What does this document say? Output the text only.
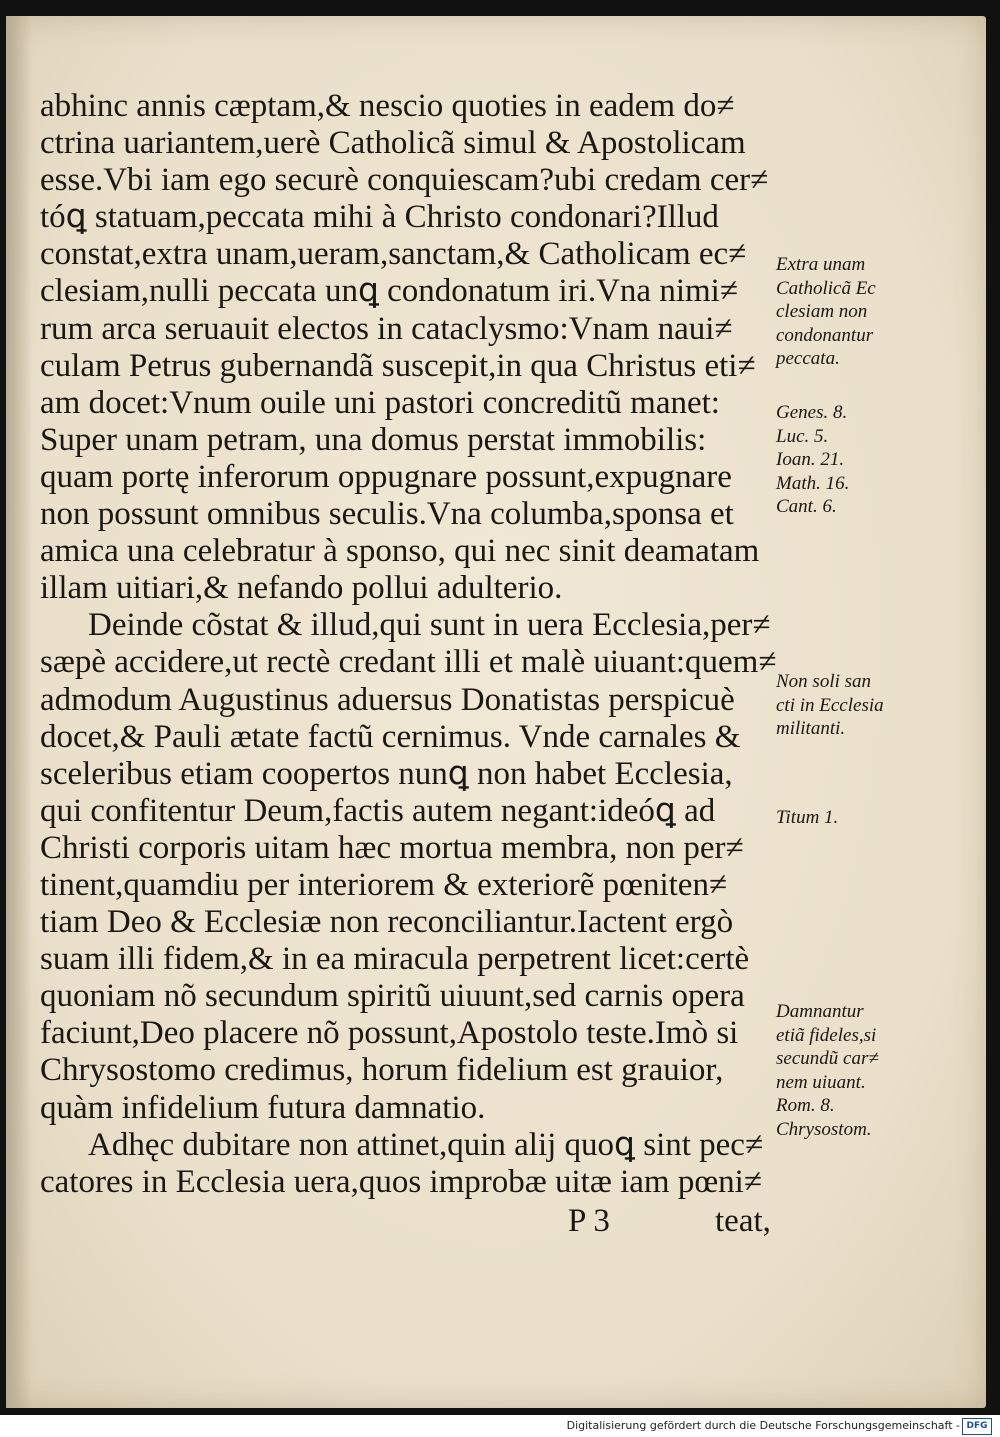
abhinc annis cæptam,& nescio quoties in eadem do≠
ctrina uariantem,uerè Catholicã simul & Apostolicam
esse.Vbi iam ego securè conquiescam?ubi credam cer≠
tóꝗ statuam,peccata mihi à Christo condonari?Illud
constat,extra unam,ueram,sanctam,& Catholicam ec≠
clesiam,nulli peccata unꝗ condonatum iri.Vna nimi≠
rum arca seruauit electos in cataclysmo:Vnam naui≠
culam Petrus gubernandã suscepit,in qua Christus eti≠
am docet:Vnum ouile uni pastori concreditũ manet:
Super unam petram, una domus perstat immobilis:
quam portę inferorum oppugnare possunt,expugnare
non possunt omnibus seculis.Vna columba,sponsa et
amica una celebratur à sponso, qui nec sinit deamatam
illam uitiari,& nefando pollui adulterio.
Deinde cõstat & illud,qui sunt in uera Ecclesia,per≠
sæpè accidere,ut rectè credant illi et malè uiuant:quem≠
admodum Augustinus aduersus Donatistas perspicuè
docet,& Pauli ætate factũ cernimus. Vnde carnales &
sceleribus etiam coopertos nunꝗ non habet Ecclesia,
qui confitentur Deum,factis autem negant:ideóꝗ ad
Christi corporis uitam hæc mortua membra, non per≠
tinent,quamdiu per interiorem & exteriorẽ pœniten≠
tiam Deo & Ecclesiæ non reconciliantur.Iactent ergò
suam illi fidem,& in ea miracula perpetrent licet:certè
quoniam nõ secundum spiritũ uiuunt,sed carnis opera
faciunt,Deo placere nõ possunt,Apostolo teste.Imò si
Chrysostomo credimus, horum fidelium est grauior,
quàm infidelium futura damnatio.
Adhęc dubitare non attinet,quin alij quoꝗ sint pec≠
catores in Ecclesia uera,quos improbæ uitæ iam pœni≠
Extra unam
Catholicã Ec
clesiam non
condonantur
peccata.
Genes. 8.
Luc. 5.
Ioan. 21.
Math. 16.
Cant. 6.
Non soli san
cti in Ecclesia
militanti.
Titum 1.
Damnantur
etiã fideles,si
secundũ car≠
nem uiuant.
Rom. 8.
Chrysostom.
P 3	teat,
Digitalisierung gefördert durch die Deutsche Forschungsgemeinschaft - DFG
